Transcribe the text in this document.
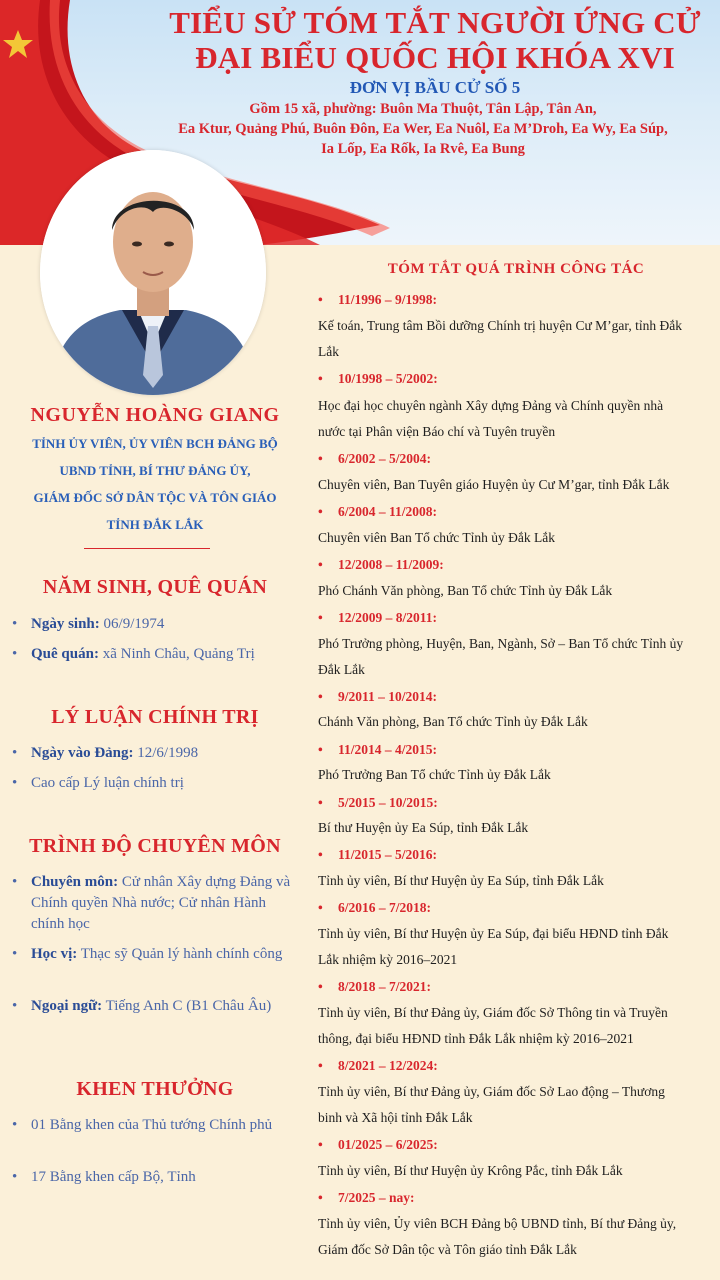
TIỂU SỬ TÓM TẮT NGƯỜI ỨNG CỬ
ĐẠI BIỂU QUỐC HỘI KHÓA XVI
ĐƠN VỊ BẦU CỬ SỐ 5
Gồm 15 xã, phường: Buôn Ma Thuột, Tân Lập, Tân An,
Ea Ktur, Quảng Phú, Buôn Đôn, Ea Wer, Ea Nuôl, Ea M’Droh, Ea Wy, Ea Súp,
Ia Lốp, Ea Rốk, Ia Rvê, Ea Bung
NGUYỄN HOÀNG GIANG
TỈNH ỦY VIÊN, ỦY VIÊN BCH ĐẢNG BỘ
UBND TỈNH, BÍ THƯ ĐẢNG ỦY,
GIÁM ĐỐC SỞ DÂN TỘC VÀ TÔN GIÁO
TỈNH ĐẮK LẮK
NĂM SINH, QUÊ QUÁN
• Ngày sinh: 06/9/1974
• Quê quán: xã Ninh Châu, Quảng Trị
LÝ LUẬN CHÍNH TRỊ
• Ngày vào Đảng: 12/6/1998
• Cao cấp Lý luận chính trị
TRÌNH ĐỘ CHUYÊN MÔN
• Chuyên môn: Cử nhân Xây dựng Đảng và Chính quyền Nhà nước; Cử nhân Hành chính học
• Học vị: Thạc sỹ Quản lý hành chính công
• Ngoại ngữ: Tiếng Anh C (B1 Châu Âu)
KHEN THƯỞNG
• 01 Bằng khen của Thủ tướng Chính phủ
• 17 Bằng khen cấp Bộ, Tỉnh
TÓM TẮT QUÁ TRÌNH CÔNG TÁC
• 11/1996 – 9/1998:
Kế toán, Trung tâm Bồi dưỡng Chính trị huyện Cư M’gar, tỉnh Đắk
Lắk
• 10/1998 – 5/2002:
Học đại học chuyên ngành Xây dựng Đảng và Chính quyền nhà
nước tại Phân viện Báo chí và Tuyên truyền
• 6/2002 – 5/2004:
Chuyên viên, Ban Tuyên giáo Huyện ủy Cư M’gar, tỉnh Đắk Lắk
• 6/2004 – 11/2008:
Chuyên viên Ban Tổ chức Tỉnh ủy Đắk Lắk
• 12/2008 – 11/2009:
Phó Chánh Văn phòng, Ban Tổ chức Tỉnh ủy Đắk Lắk
• 12/2009 – 8/2011:
Phó Trưởng phòng, Huyện, Ban, Ngành, Sở – Ban Tổ chức Tỉnh ủy
Đắk Lắk
• 9/2011 – 10/2014:
Chánh Văn phòng, Ban Tổ chức Tỉnh ủy Đắk Lắk
• 11/2014 – 4/2015:
Phó Trưởng Ban Tổ chức Tỉnh ủy Đắk Lắk
• 5/2015 – 10/2015:
Bí thư Huyện ủy Ea Súp, tỉnh Đắk Lắk
• 11/2015 – 5/2016:
Tỉnh ủy viên, Bí thư Huyện ủy Ea Súp, tỉnh Đắk Lắk
• 6/2016 – 7/2018:
Tỉnh ủy viên, Bí thư Huyện ủy Ea Súp, đại biểu HĐND tỉnh Đắk
Lắk nhiệm kỳ 2016–2021
• 8/2018 – 7/2021:
Tỉnh ủy viên, Bí thư Đảng ủy, Giám đốc Sở Thông tin và Truyền
thông, đại biểu HĐND tỉnh Đắk Lắk nhiệm kỳ 2016–2021
• 8/2021 – 12/2024:
Tỉnh ủy viên, Bí thư Đảng ủy, Giám đốc Sở Lao động – Thương
binh và Xã hội tỉnh Đắk Lắk
• 01/2025 – 6/2025:
Tỉnh ủy viên, Bí thư Huyện ủy Krông Pắc, tỉnh Đắk Lắk
• 7/2025 – nay:
Tỉnh ủy viên, Ủy viên BCH Đảng bộ UBND tỉnh, Bí thư Đảng ủy,
Giám đốc Sở Dân tộc và Tôn giáo tỉnh Đắk Lắk
